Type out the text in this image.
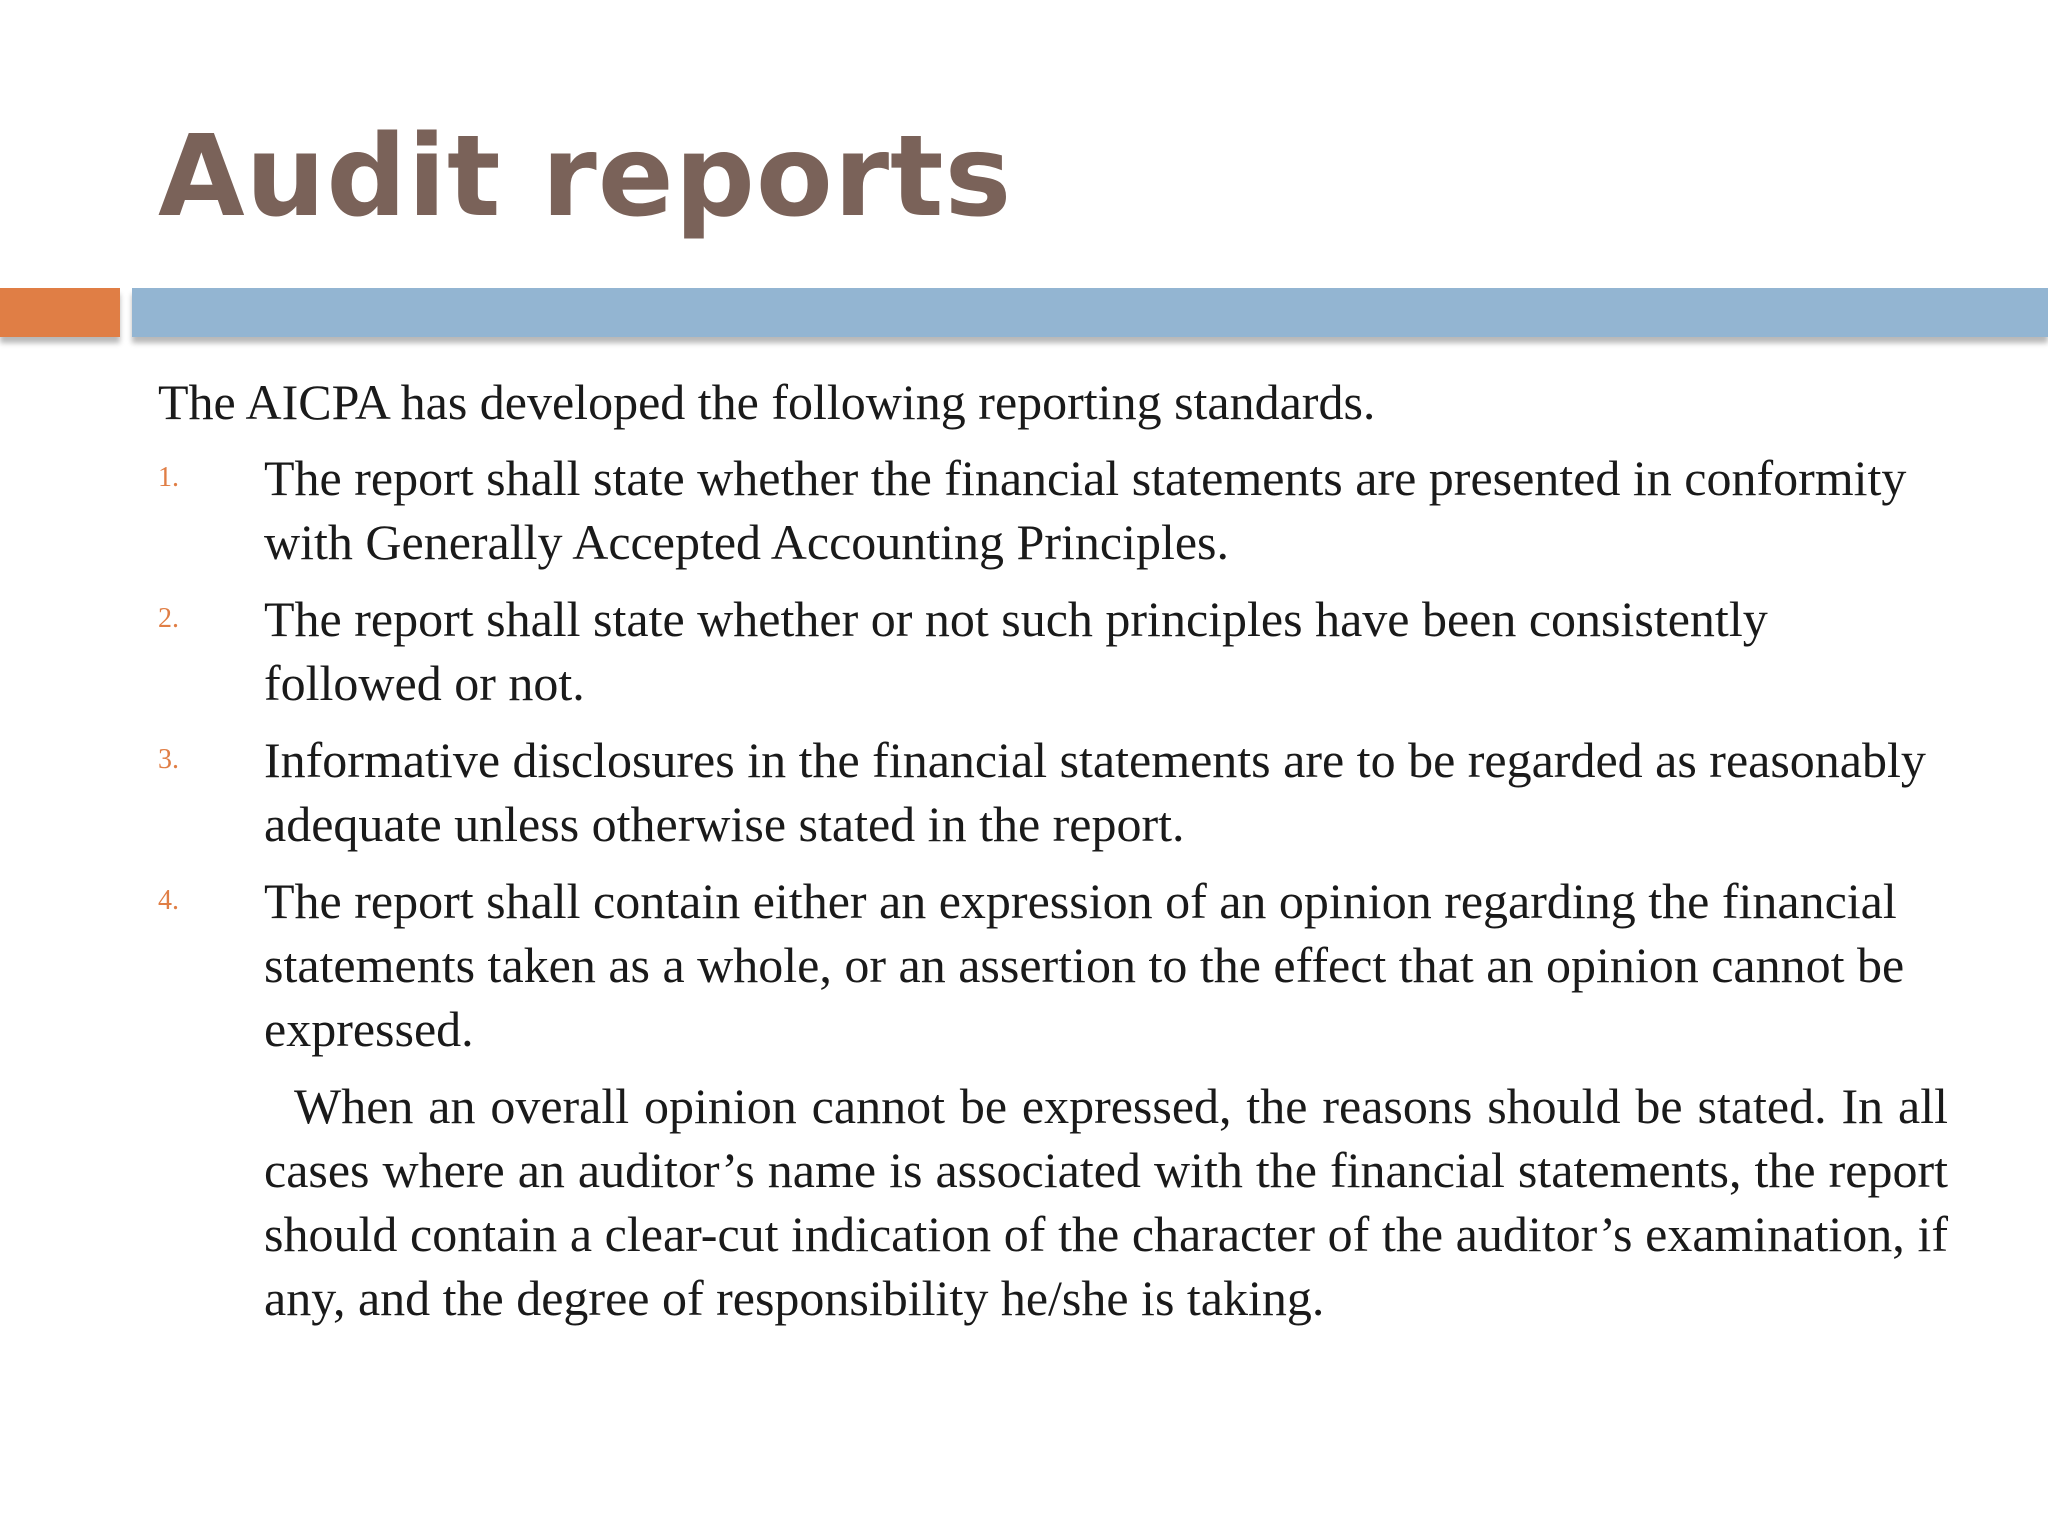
Audit reports

The AICPA has developed the following reporting standards.

1. The report shall state whether the financial statements are presented in conformity   with Generally Accepted Accounting Principles.
2. The report shall state whether or not such principles have been consistently followed or not.
3. Informative disclosures in the financial statements are to be regarded as reasonably adequate unless otherwise stated in the report.
4. The report shall contain either an expression of an opinion regarding the financial statements taken as a whole, or an assertion to the effect that an opinion cannot be expressed.

When an overall opinion cannot be expressed, the reasons should be stated. In all cases where an auditor’s name is associated with the financial statements, the report should contain a clear-cut indication of the character of the auditor’s examination, if any, and the degree of responsibility he/she is taking.
